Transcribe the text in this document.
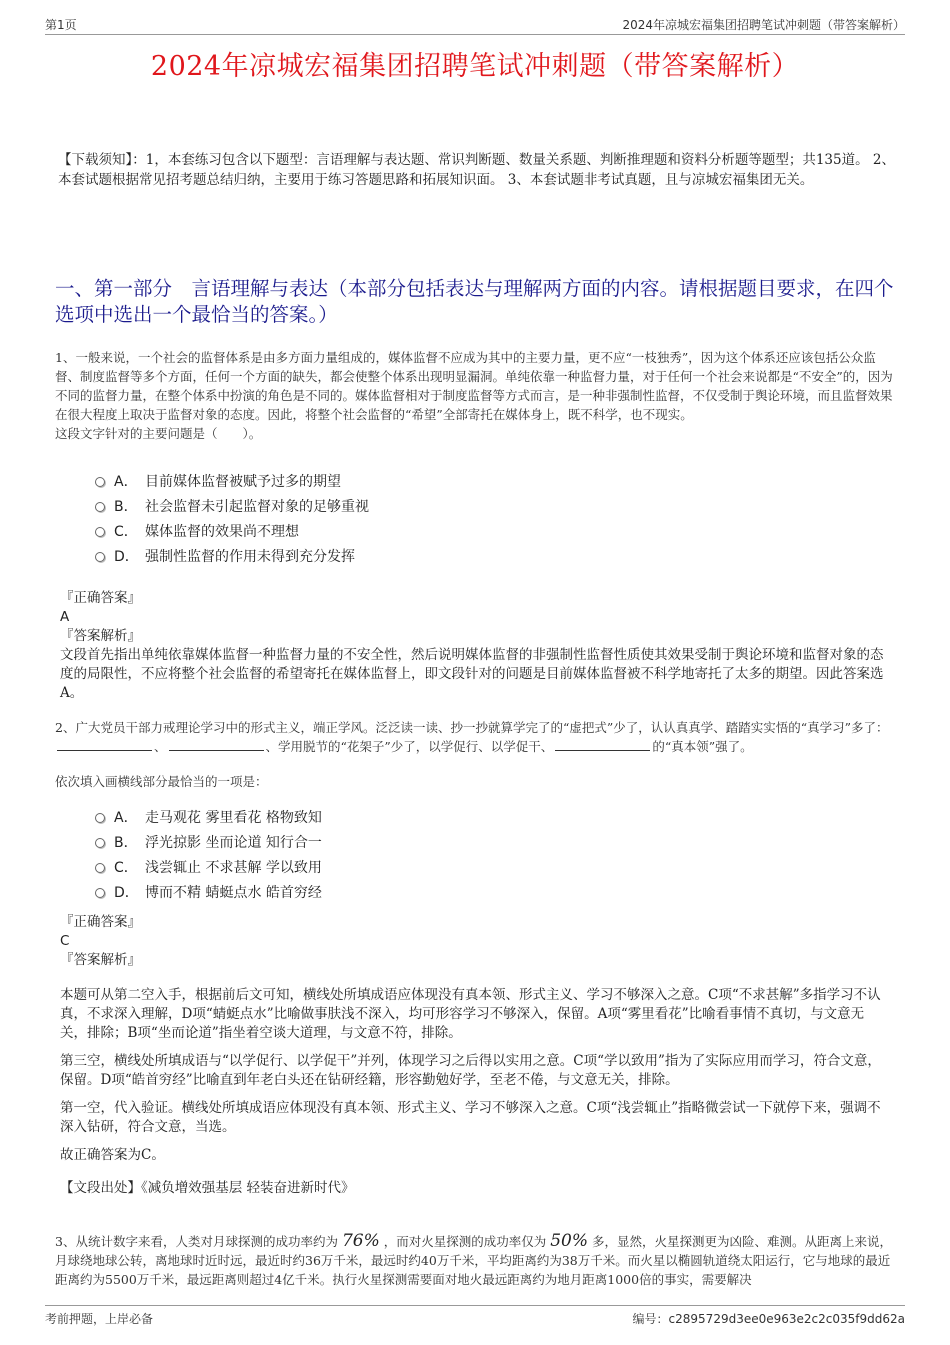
第1页	2024年凉城宏福集团招聘笔试冲刺题（带答案解析）
2024年凉城宏福集团招聘笔试冲刺题（带答案解析）
【下载须知】：1，本套练习包含以下题型：言语理解与表达题、常识判断题、数量关系题、判断推理题和资料分析题等题型；共135道。 2、本套试题根据常见招考题总结归纳，主要用于练习答题思路和拓展知识面。 3、本套试题非考试真题，且与凉城宏福集团无关。
一、第一部分　言语理解与表达（本部分包括表达与理解两方面的内容。请根据题目要求，在四个选项中选出一个最恰当的答案。）
1、一般来说，一个社会的监督体系是由多方面力量组成的，媒体监督不应成为其中的主要力量，更不应“一枝独秀”，因为这个体系还应该包括公众监督、制度监督等多个方面，任何一个方面的缺失，都会使整个体系出现明显漏洞。单纯依靠一种监督力量，对于任何一个社会来说都是“不安全”的，因为不同的监督力量，在整个体系中扮演的角色是不同的。媒体监督相对于制度监督等方式而言，是一种非强制性监督，不仅受制于舆论环境，而且监督效果在很大程度上取决于监督对象的态度。因此，将整个社会监督的“希望”全部寄托在媒体身上，既不科学，也不现实。
这段文字针对的主要问题是（　　）。
A． 目前媒体监督被赋予过多的期望
B． 社会监督未引起监督对象的足够重视
C． 媒体监督的效果尚不理想
D． 强制性监督的作用未得到充分发挥
『正确答案』
A
『答案解析』
文段首先指出单纯依靠媒体监督一种监督力量的不安全性，然后说明媒体监督的非强制性监督性质使其效果受制于舆论环境和监督对象的态度的局限性，不应将整个社会监督的希望寄托在媒体监督上，即文段针对的问题是目前媒体监督被不科学地寄托了太多的期望。因此答案选A。
2、广大党员干部力戒理论学习中的形式主义，端正学风。泛泛读一读、抄一抄就算学完了的“虚把式”少了，认认真真学、踏踏实实悟的“真学习”多了：、	、学用脱节的“花架子”少了，以学促行、以学促干、	的“真本领”强了。
依次填入画横线部分最恰当的一项是：
A． 走马观花 雾里看花 格物致知
B． 浮光掠影 坐而论道 知行合一
C． 浅尝辄止 不求甚解 学以致用
D． 博而不精 蜻蜓点水 皓首穷经
『正确答案』
C
『答案解析』

本题可从第二空入手，根据前后文可知，横线处所填成语应体现没有真本领、形式主义、学习不够深入之意。C项“不求甚解”多指学习不认真，不求深入理解，D项“蜻蜓点水”比喻做事肤浅不深入，均可形容学习不够深入，保留。A项“雾里看花”比喻看事情不真切，与文意无关，排除；B项“坐而论道”指坐着空谈大道理，与文意不符，排除。

第三空，横线处所填成语与“以学促行、以学促干”并列，体现学习之后得以实用之意。C项“学以致用”指为了实际应用而学习，符合文意，保留。D项“皓首穷经”比喻直到年老白头还在钻研经籍，形容勤勉好学，至老不倦，与文意无关，排除。

第一空，代入验证。横线处所填成语应体现没有真本领、形式主义、学习不够深入之意。C项“浅尝辄止”指略微尝试一下就停下来，强调不深入钻研，符合文意，当选。

故正确答案为C。

【文段出处】《减负增效强基层 轻装奋进新时代》

3、从统计数字来看，人类对月球探测的成功率约为 76% ，而对火星探测的成功率仅为 50% 多，显然，火星探测更为凶险、难测。从距离上来说，月球绕地球公转，离地球时近时远，最近时约36万千米，最远时约40万千米，平均距离约为38万千米。而火星以椭圆轨道绕太阳运行，它与地球的最近距离约为5500万千米，最远距离则超过4亿千米。执行火星探测需要面对地火最远距离约为地月距离1000倍的事实，需要解决
考前押题，上岸必备	编号：c2895729d3ee0e963e2c2c035f9dd62a
